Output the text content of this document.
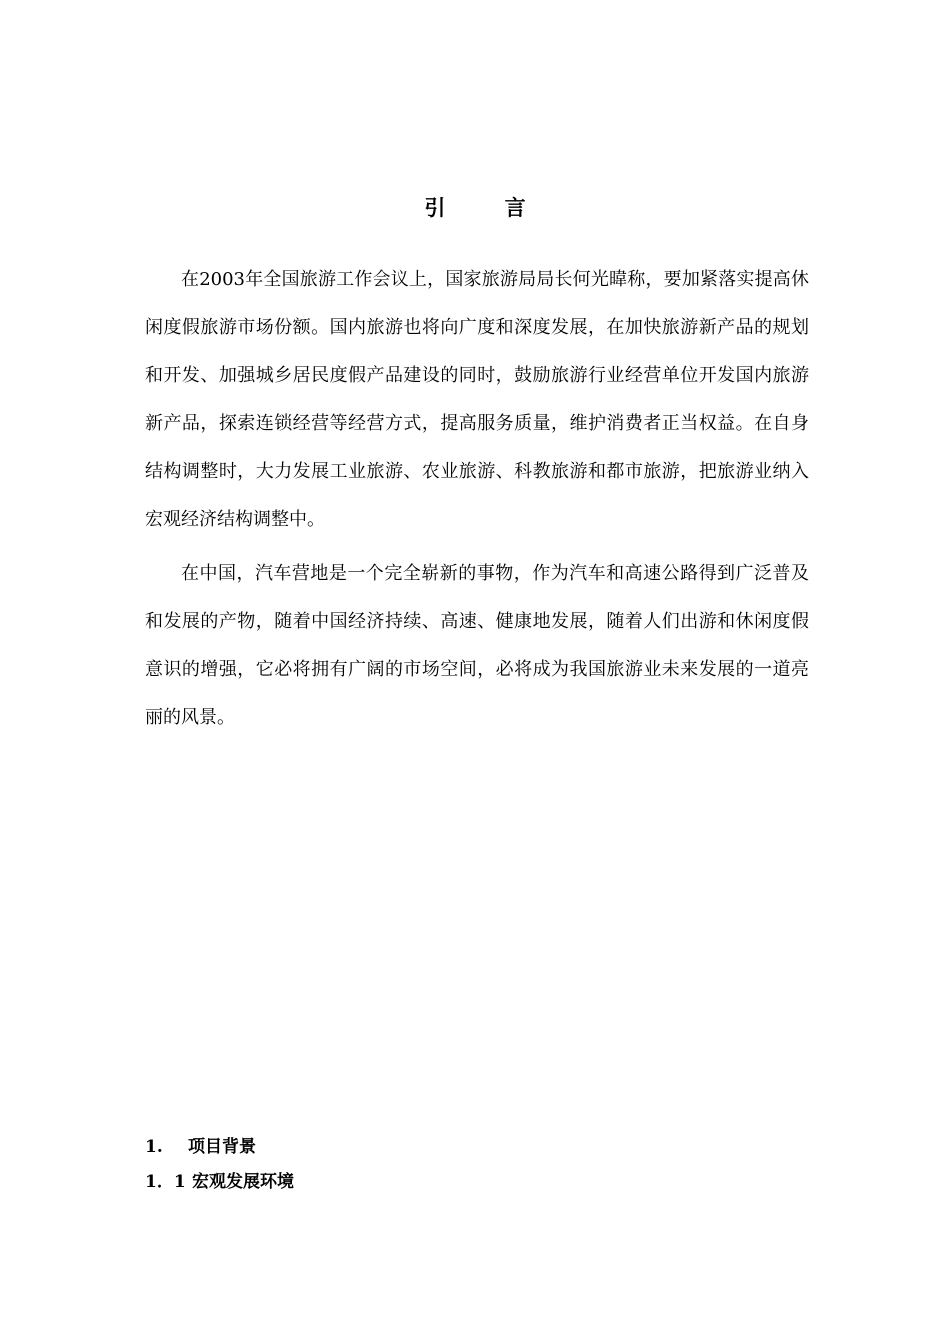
引 言

在2003年全国旅游工作会议上，国家旅游局局长何光暐称，要加紧落实提高休闲度假旅游市场份额。国内旅游也将向广度和深度发展，在加快旅游新产品的规划和开发、加强城乡居民度假产品建设的同时，鼓励旅游行业经营单位开发国内旅游新产品，探索连锁经营等经营方式，提高服务质量，维护消费者正当权益。在自身结构调整时，大力发展工业旅游、农业旅游、科教旅游和都市旅游，把旅游业纳入宏观经济结构调整中。

在中国，汽车营地是一个完全崭新的事物，作为汽车和高速公路得到广泛普及和发展的产物，随着中国经济持续、高速、健康地发展，随着人们出游和休闲度假意识的增强，它必将拥有广阔的市场空间，必将成为我国旅游业未来发展的一道亮丽的风景。

1. 项目背景
1．1 宏观发展环境
